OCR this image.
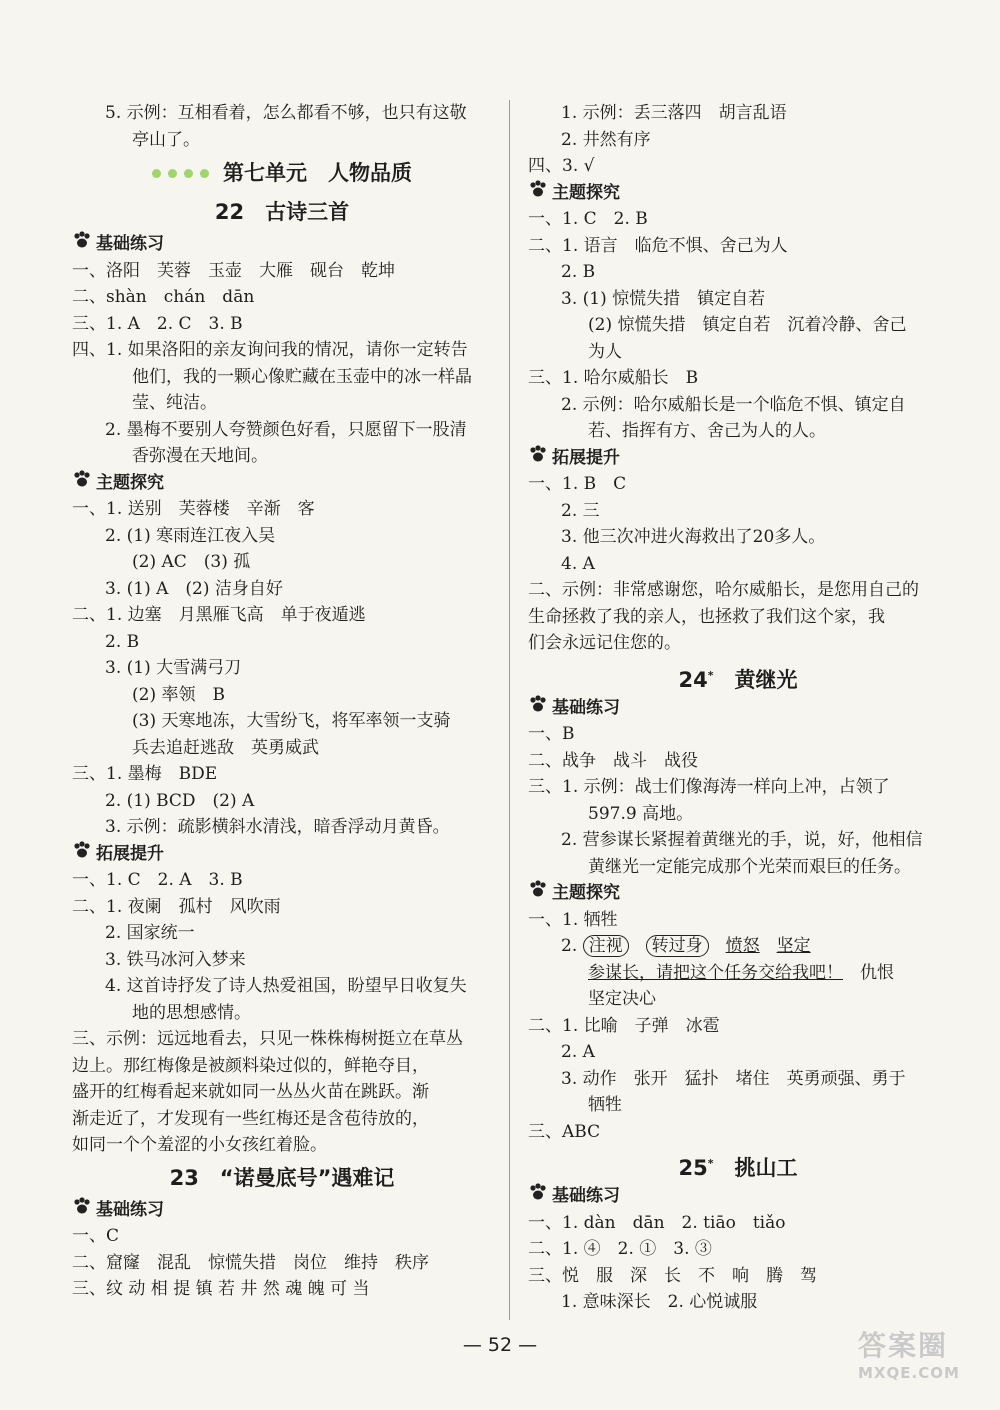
5. 示例：互相看着，怎么都看不够，也只有这敬
亭山了。
第七单元　人物品质
22　古诗三首
基础练习
一、洛阳　芙蓉　玉壶　大雁　砚台　乾坤
二、shàn　chán　dān
三、1. A　2. C　3. B
四、1. 如果洛阳的亲友询问我的情况，请你一定转告
他们，我的一颗心像贮藏在玉壶中的冰一样晶
莹、纯洁。
2. 墨梅不要别人夸赞颜色好看，只愿留下一股清
香弥漫在天地间。
主题探究
一、1. 送别　芙蓉楼　辛渐　客
2. (1) 寒雨连江夜入吴
(2) AC　(3) 孤
3. (1) A　(2) 洁身自好
二、1. 边塞　月黑雁飞高　单于夜遁逃
2. B
3. (1) 大雪满弓刀
(2) 率领　B
(3) 天寒地冻，大雪纷飞，将军率领一支骑
兵去追赶逃敌　英勇威武
三、1. 墨梅　BDE
2. (1) BCD　(2) A
3. 示例：疏影横斜水清浅，暗香浮动月黄昏。
拓展提升
一、1. C　2. A　3. B
二、1. 夜阑　孤村　风吹雨
2. 国家统一
3. 铁马冰河入梦来
4. 这首诗抒发了诗人热爱祖国，盼望早日收复失
地的思想感情。
三、示例：远远地看去，只见一株株梅树挺立在草丛
边上。那红梅像是被颜料染过似的，鲜艳夺目，
盛开的红梅看起来就如同一丛丛火苗在跳跃。渐
渐走近了，才发现有一些红梅还是含苞待放的，
如同一个个羞涩的小女孩红着脸。
23　“诺曼底号”遇难记
基础练习
一、C
二、窟窿　混乱　惊慌失措　岗位　维持　秩序
三、纹 动 相 提 镇 若 井 然 魂 魄 可 当
1. 示例：丢三落四　胡言乱语
2. 井然有序
四、3. √
主题探究
一、1. C　2. B
二、1. 语言　临危不惧、舍己为人
2. B
3. (1) 惊慌失措　镇定自若
(2) 惊慌失措　镇定自若　沉着冷静、舍己
为人
三、1. 哈尔威船长　B
2. 示例：哈尔威船长是一个临危不惧、镇定自
若、指挥有方、舍己为人的人。
拓展提升
一、1. B　C
2. 三
3. 他三次冲进火海救出了20多人。
4. A
二、示例：非常感谢您，哈尔威船长，是您用自己的
生命拯救了我的亲人，也拯救了我们这个家，我
们会永远记住您的。
24*　黄继光
基础练习
一、B
二、战争　战斗　战役
三、1. 示例：战士们像海涛一样向上冲，占领了
597.9 高地。
2. 营参谋长紧握着黄继光的手，说，好，他相信
黄继光一定能完成那个光荣而艰巨的任务。
主题探究
一、1. 牺牲
2. 注视　 转过身　 愤怒　 坚定
参谋长，请把这个任务交给我吧！　仇恨
坚定决心
二、1. 比喻　子弹　冰雹
2. A
3. 动作　张开　猛扑　堵住　英勇顽强、勇于
牺牲
三、ABC
25*　挑山工
基础练习
一、1. dàn　dān　2. tiāo　tiǎo
二、1. ④　2. ①　3. ③
三、悦　服　深　长　不　响　腾　驾
1. 意味深长　2. 心悦诚服
— 52 —	答案圈
MXQE.COM
